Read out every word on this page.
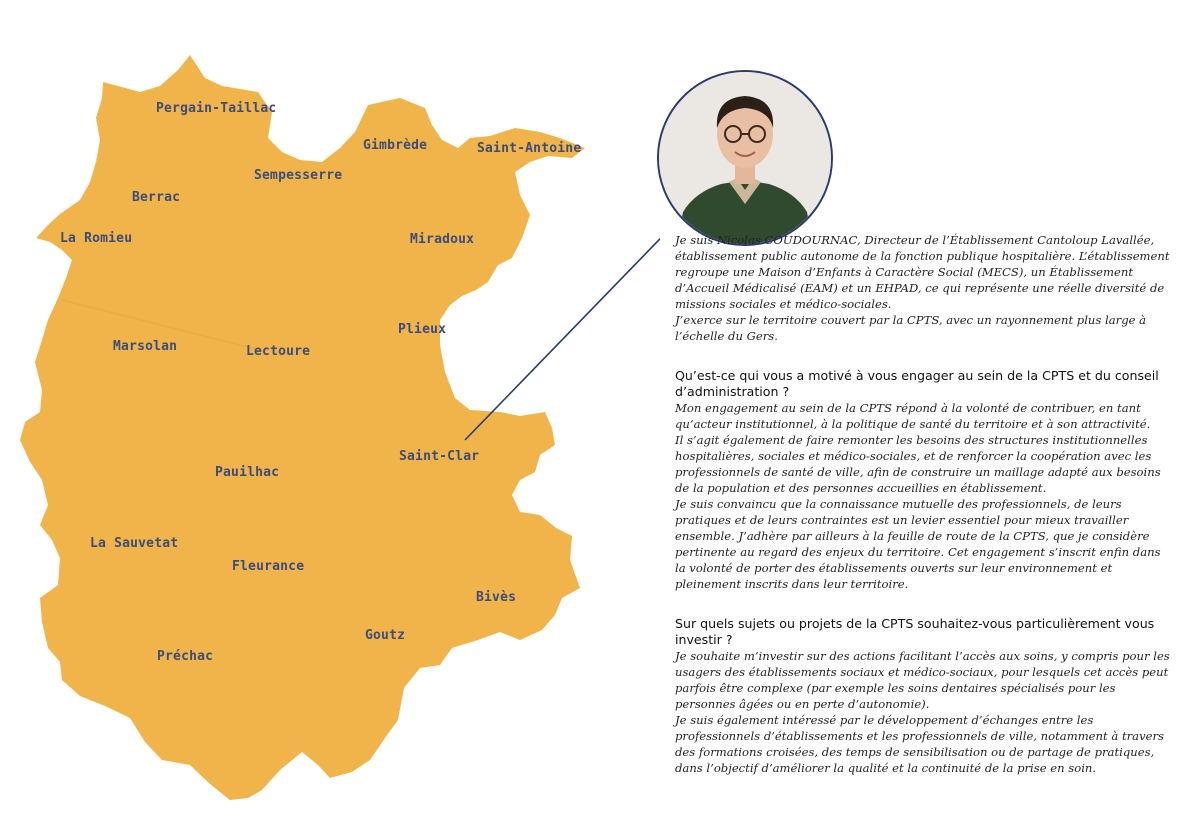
Pergain-Taillac
Gimbrède	Saint-Antoine
Berrac
Sempesserre
La Romieu	Miradoux
Plieux
Marsolan	Lectoure
Saint-Clar
Pauilhac
La Sauvetat
Fleurance
Bivès
Goutz
Préchac

Je suis Nicolas COUDOURNAC, Directeur de l’Établissement Cantoloup Lavallée, établissement public autonome de la fonction publique hospitalière. L’établissement regroupe une Maison d’Enfants à Caractère Social (MECS), un Établissement d’Accueil Médicalisé (EAM) et un EHPAD, ce qui représente une réelle diversité de missions sociales et médico-sociales.

J’exerce sur le territoire couvert par la CPTS, avec un rayonnement plus large à l’échelle du Gers.

Qu’est-ce qui vous a motivé à vous engager au sein de la CPTS et du conseil d’administration ?

Mon engagement au sein de la CPTS répond à la volonté de contribuer, en tant qu’acteur institutionnel, à la politique de santé du territoire et à son attractivité.

Il s’agit également de faire remonter les besoins des structures institutionnelles hospitalières, sociales et médico-sociales, et de renforcer la coopération avec les professionnels de santé de ville, afin de construire un maillage adapté aux besoins de la population et des personnes accueillies en établissement.

Je suis convaincu que la connaissance mutuelle des professionnels, de leurs pratiques et de leurs contraintes est un levier essentiel pour mieux travailler ensemble. J’adhère par ailleurs à la feuille de route de la CPTS, que je considère pertinente au regard des enjeux du territoire. Cet engagement s’inscrit enfin dans la volonté de porter des établissements ouverts sur leur environnement et pleinement inscrits dans leur territoire.

Sur quels sujets ou projets de la CPTS souhaitez-vous particulièrement vous investir ?

Je souhaite m’investir sur des actions facilitant l’accès aux soins, y compris pour les usagers des établissements sociaux et médico-sociaux, pour lesquels cet accès peut parfois être complexe (par exemple les soins dentaires spécialisés pour les personnes âgées ou en perte d’autonomie).

Je suis également intéressé par le développement d’échanges entre les professionnels d’établissements et les professionnels de ville, notamment à travers des formations croisées, des temps de sensibilisation ou de partage de pratiques, dans l’objectif d’améliorer la qualité et la continuité de la prise en soin.
